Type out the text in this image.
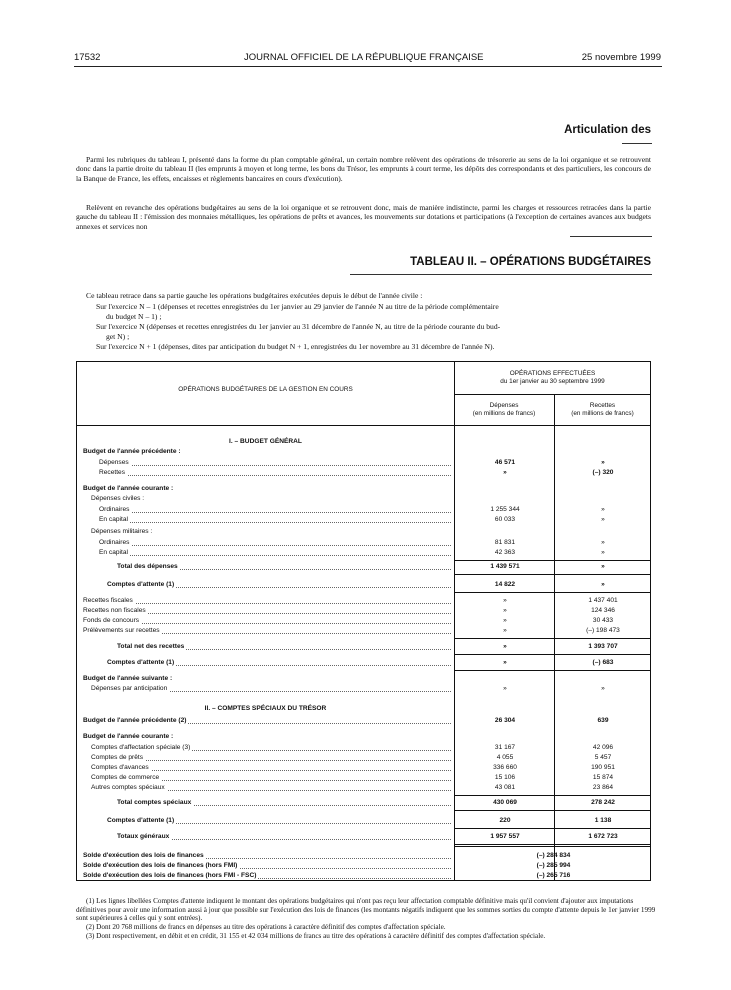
17532	JOURNAL OFFICIEL DE LA RÉPUBLIQUE FRANÇAISE	25 novembre 1999
Articulation des

Parmi les rubriques du tableau I, présenté dans la forme du plan comptable général, un certain nombre relèvent des opérations de trésorerie au sens de la loi organique et se retrouvent donc dans la partie droite du tableau II (les emprunts à moyen et long terme, les bons du Trésor, les emprunts à court terme, les dépôts des correspondants et des particuliers, les concours de la Banque de France, les effets, encaisses et règlements bancaires en cours d'exécution).

Relèvent en revanche des opérations budgétaires au sens de la loi organique et se retrouvent donc, mais de manière indistincte, parmi les charges et ressources retracées dans la partie gauche du tableau II : l'émission des monnaies métalliques, les opérations de prêts et avances, les mouvements sur dotations et participations (à l'exception de certaines avances aux budgets annexes et services non

TABLEAU II. – OPÉRATIONS BUDGÉTAIRES

Ce tableau retrace dans sa partie gauche les opérations budgétaires exécutées depuis le début de l'année civile :

Sur l'exercice N – 1 (dépenses et recettes enregistrées du 1er janvier au 29 janvier de l'année N au titre de la période complémentaire

du budget N – 1) ;

Sur l'exercice N (dépenses et recettes enregistrées du 1er janvier au 31 décembre de l'année N, au titre de la période courante du bud-

get N) ;

Sur l'exercice N + 1 (dépenses, dites par anticipation du budget N + 1, enregistrées du 1er novembre au 31 décembre de l'année N).

OPÉRATIONS BUDGÉTAIRES DE LA GESTION EN COURS
OPÉRATIONS EFFECTUÉES
du 1er janvier au 30 septembre 1999
Dépenses
(en millions de francs)
Recettes
(en millions de francs)
I. – BUDGET GÉNÉRAL
Budget de l'année précédente :
Dépenses	46 571	»
Recettes	»	(–) 320
Budget de l'année courante :
Dépenses civiles :
Ordinaires	1 255 344	»
En capital	60 033	»
Dépenses militaires :
Ordinaires	81 831	»
En capital	42 363	»
Total des dépenses	1 439 571	»
Comptes d'attente (1)	14 822	»
Recettes fiscales	»	1 437 401
Recettes non fiscales	»	124 346
Fonds de concours	»	30 433
Prélèvements sur recettes	»	(–) 198 473
Total net des recettes	»	1 393 707
Comptes d'attente (1)	»	(–) 683
Budget de l'année suivante :
Dépenses par anticipation	»	»
II. – COMPTES SPÉCIAUX DU TRÉSOR
Budget de l'année précédente (2)	26 304	639
Budget de l'année courante :
Comptes d'affectation spéciale (3)	31 167	42 096
Comptes de prêts	4 055	5 457
Comptes d'avances	336 660	190 951
Comptes de commerce	15 106	15 874
Autres comptes spéciaux	43 081	23 864
Total comptes spéciaux	430 069	278 242
Comptes d'attente (1)	220	1 138
Totaux généraux	1 957 557	1 672 723
Solde d'exécution des lois de finances	(–) 284 834
Solde d'exécution des lois de finances (hors FMI)	(–) 285 994
Solde d'exécution des lois de finances (hors FMI - FSC)	(–) 265 716

(1) Les lignes libellées Comptes d'attente indiquent le montant des opérations budgétaires qui n'ont pas reçu leur affectation comptable définitive mais qu'il convient d'ajouter aux imputations définitives pour avoir une information aussi à jour que possible sur l'exécution des lois de finances (les montants négatifs indiquent que les sommes sorties du compte d'attente depuis le 1er janvier 1999 sont supérieures à celles qui y sont entrées).

(2) Dont 20 768 millions de francs en dépenses au titre des opérations à caractère définitif des comptes d'affectation spéciale.

(3) Dont respectivement, en débit et en crédit, 31 155 et 42 034 millions de francs au titre des opérations à caractère définitif des comptes d'affectation spéciale.
